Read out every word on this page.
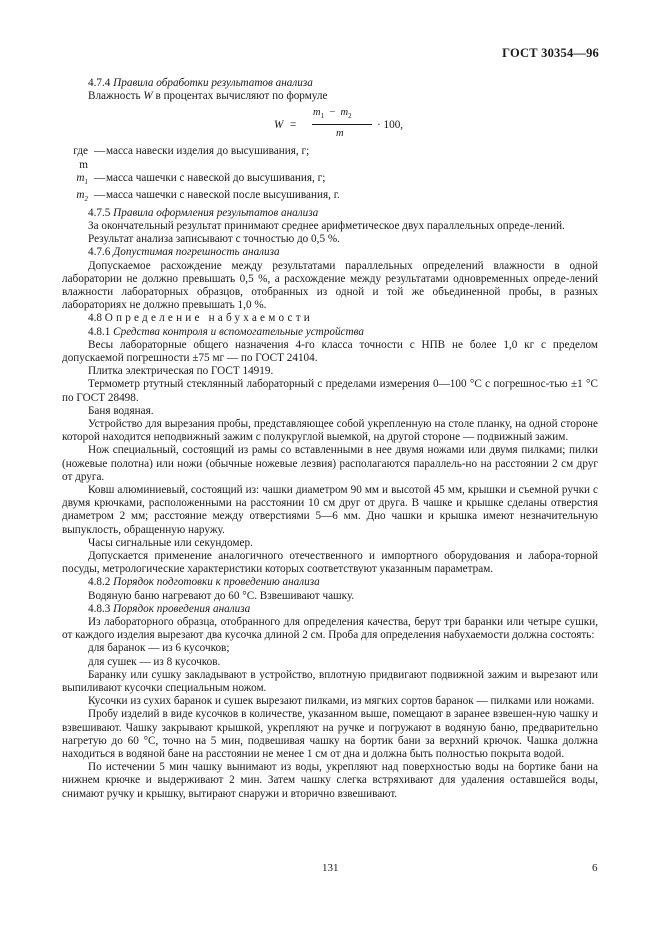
ГОСТ 30354—96

4.7.4 Правила обработки результатов анализа

Влажность W в процентах вычисляют по формуле

W =
$m_1 - m_2$
m
· 100,
где m
— масса навески изделия до высушивания, г;
$m_1$ — масса чашечки с навеской до высушивания, г;
$m_2$ — масса чашечки с навеской после высушивания, г.

4.7.5 Правила оформления результатов анализа

За окончательный результат принимают среднее арифметическое двух параллельных опреде-лений.

Результат анализа записывают с точностью до 0,5 %.

4.7.6 Допустимая погрешность анализа

Допускаемое расхождение между результатами параллельных определений влажности в одной лаборатории не должно превышать 0,5 %, а расхождение между результатами одновременных опреде-лений влажности лабораторных образцов, отобранных из одной и той же объединенной пробы, в разных лабораториях не должно превышать 1,0 %.

4.8 Определение набухаемости

4.8.1 Средства контроля и вспомогательные устройства

Весы лабораторные общего назначения 4-го класса точности с НПВ не более 1,0 кг с пределом допускаемой погрешности ±75 мг — по ГОСТ 24104.

Плитка электрическая по ГОСТ 14919.

Термометр ртутный стеклянный лабораторный с пределами измерения 0—100 °С с погрешнос-тью ±1 °С по ГОСТ 28498.

Баня водяная.

Устройство для вырезания пробы, представляющее собой укрепленную на столе планку, на одной стороне которой находится неподвижный зажим с полукруглой выемкой, на другой стороне — подвижный зажим.

Нож специальный, состоящий из рамы со вставленными в нее двумя ножами или двумя пилками; пилки (ножевые полотна) или ножи (обычные ножевые лезвия) располагаются параллель-но на расстоянии 2 см друг от друга.

Ковш алюминиевый, состоящий из: чашки диаметром 90 мм и высотой 45 мм, крышки и съемной ручки с двумя крючками, расположенными на расстоянии 10 см друг от друга. В чашке и крышке сделаны отверстия диаметром 2 мм; расстояние между отверстиями 5—6 мм. Дно чашки и крышка имеют незначительную выпуклость, обращенную наружу.

Часы сигнальные или секундомер.

Допускается применение аналогичного отечественного и импортного оборудования и лабора-торной посуды, метрологические характеристики которых соответствуют указанным параметрам.

4.8.2 Порядок подготовки к проведению анализа

Водяную баню нагревают до 60 °С. Взвешивают чашку.

4.8.3 Порядок проведения анализа

Из лабораторного образца, отобранного для определения качества, берут три баранки или четыре сушки, от каждого изделия вырезают два кусочка длиной 2 см. Проба для определения набухаемости должна состоять:

для баранок — из 6 кусочков;

для сушек — из 8 кусочков.

Баранку или сушку закладывают в устройство, вплотную придвигают подвижной зажим и вырезают или выпиливают кусочки специальным ножом.

Кусочки из сухих баранок и сушек вырезают пилками, из мягких сортов баранок — пилками или ножами.

Пробу изделий в виде кусочков в количестве, указанном выше, помещают в заранее взвешен-ную чашку и взвешивают. Чашку закрывают крышкой, укрепляют на ручке и погружают в водяную баню, предварительно нагретую до 60 °С, точно на 5 мин, подвешивая чашку на бортик бани за верхний крючок. Чашка должна находиться в водяной бане на расстоянии не менее 1 см от дна и должна быть полностью покрыта водой.

По истечении 5 мин чашку вынимают из воды, укрепляют над поверхностью воды на бортике бани на нижнем крючке и выдерживают 2 мин. Затем чашку слегка встряхивают для удаления оставшейся воды, снимают ручку и крышку, вытирают снаружи и вторично взвешивают.

131	6
